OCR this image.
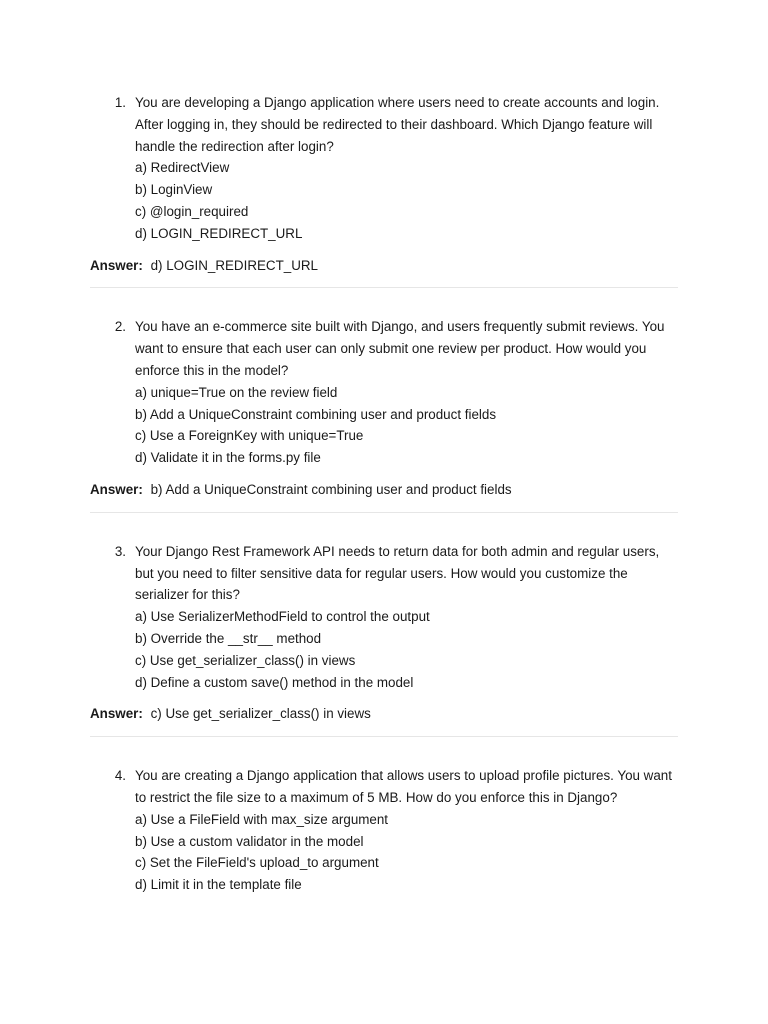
1. You are developing a Django application where users need to create accounts and login. After logging in, they should be redirected to their dashboard. Which Django feature will handle the redirection after login?

a) RedirectView
b) LoginView
c) @login_required
d) LOGIN_REDIRECT_URL
Answer: d) LOGIN_REDIRECT_URL
2. You have an e-commerce site built with Django, and users frequently submit reviews. You want to ensure that each user can only submit one review per product. How would you enforce this in the model?

a) unique=True on the review field
b) Add a UniqueConstraint combining user and product fields
c) Use a ForeignKey with unique=True
d) Validate it in the forms.py file
Answer: b) Add a UniqueConstraint combining user and product fields
3. Your Django Rest Framework API needs to return data for both admin and regular users, but you need to filter sensitive data for regular users. How would you customize the serializer for this?

a) Use SerializerMethodField to control the output
b) Override the __str__ method
c) Use get_serializer_class() in views
d) Define a custom save() method in the model
Answer: c) Use get_serializer_class() in views
4. You are creating a Django application that allows users to upload profile pictures. You want to restrict the file size to a maximum of 5 MB. How do you enforce this in Django?

a) Use a FileField with max_size argument
b) Use a custom validator in the model
c) Set the FileField's upload_to argument
d) Limit it in the template file
